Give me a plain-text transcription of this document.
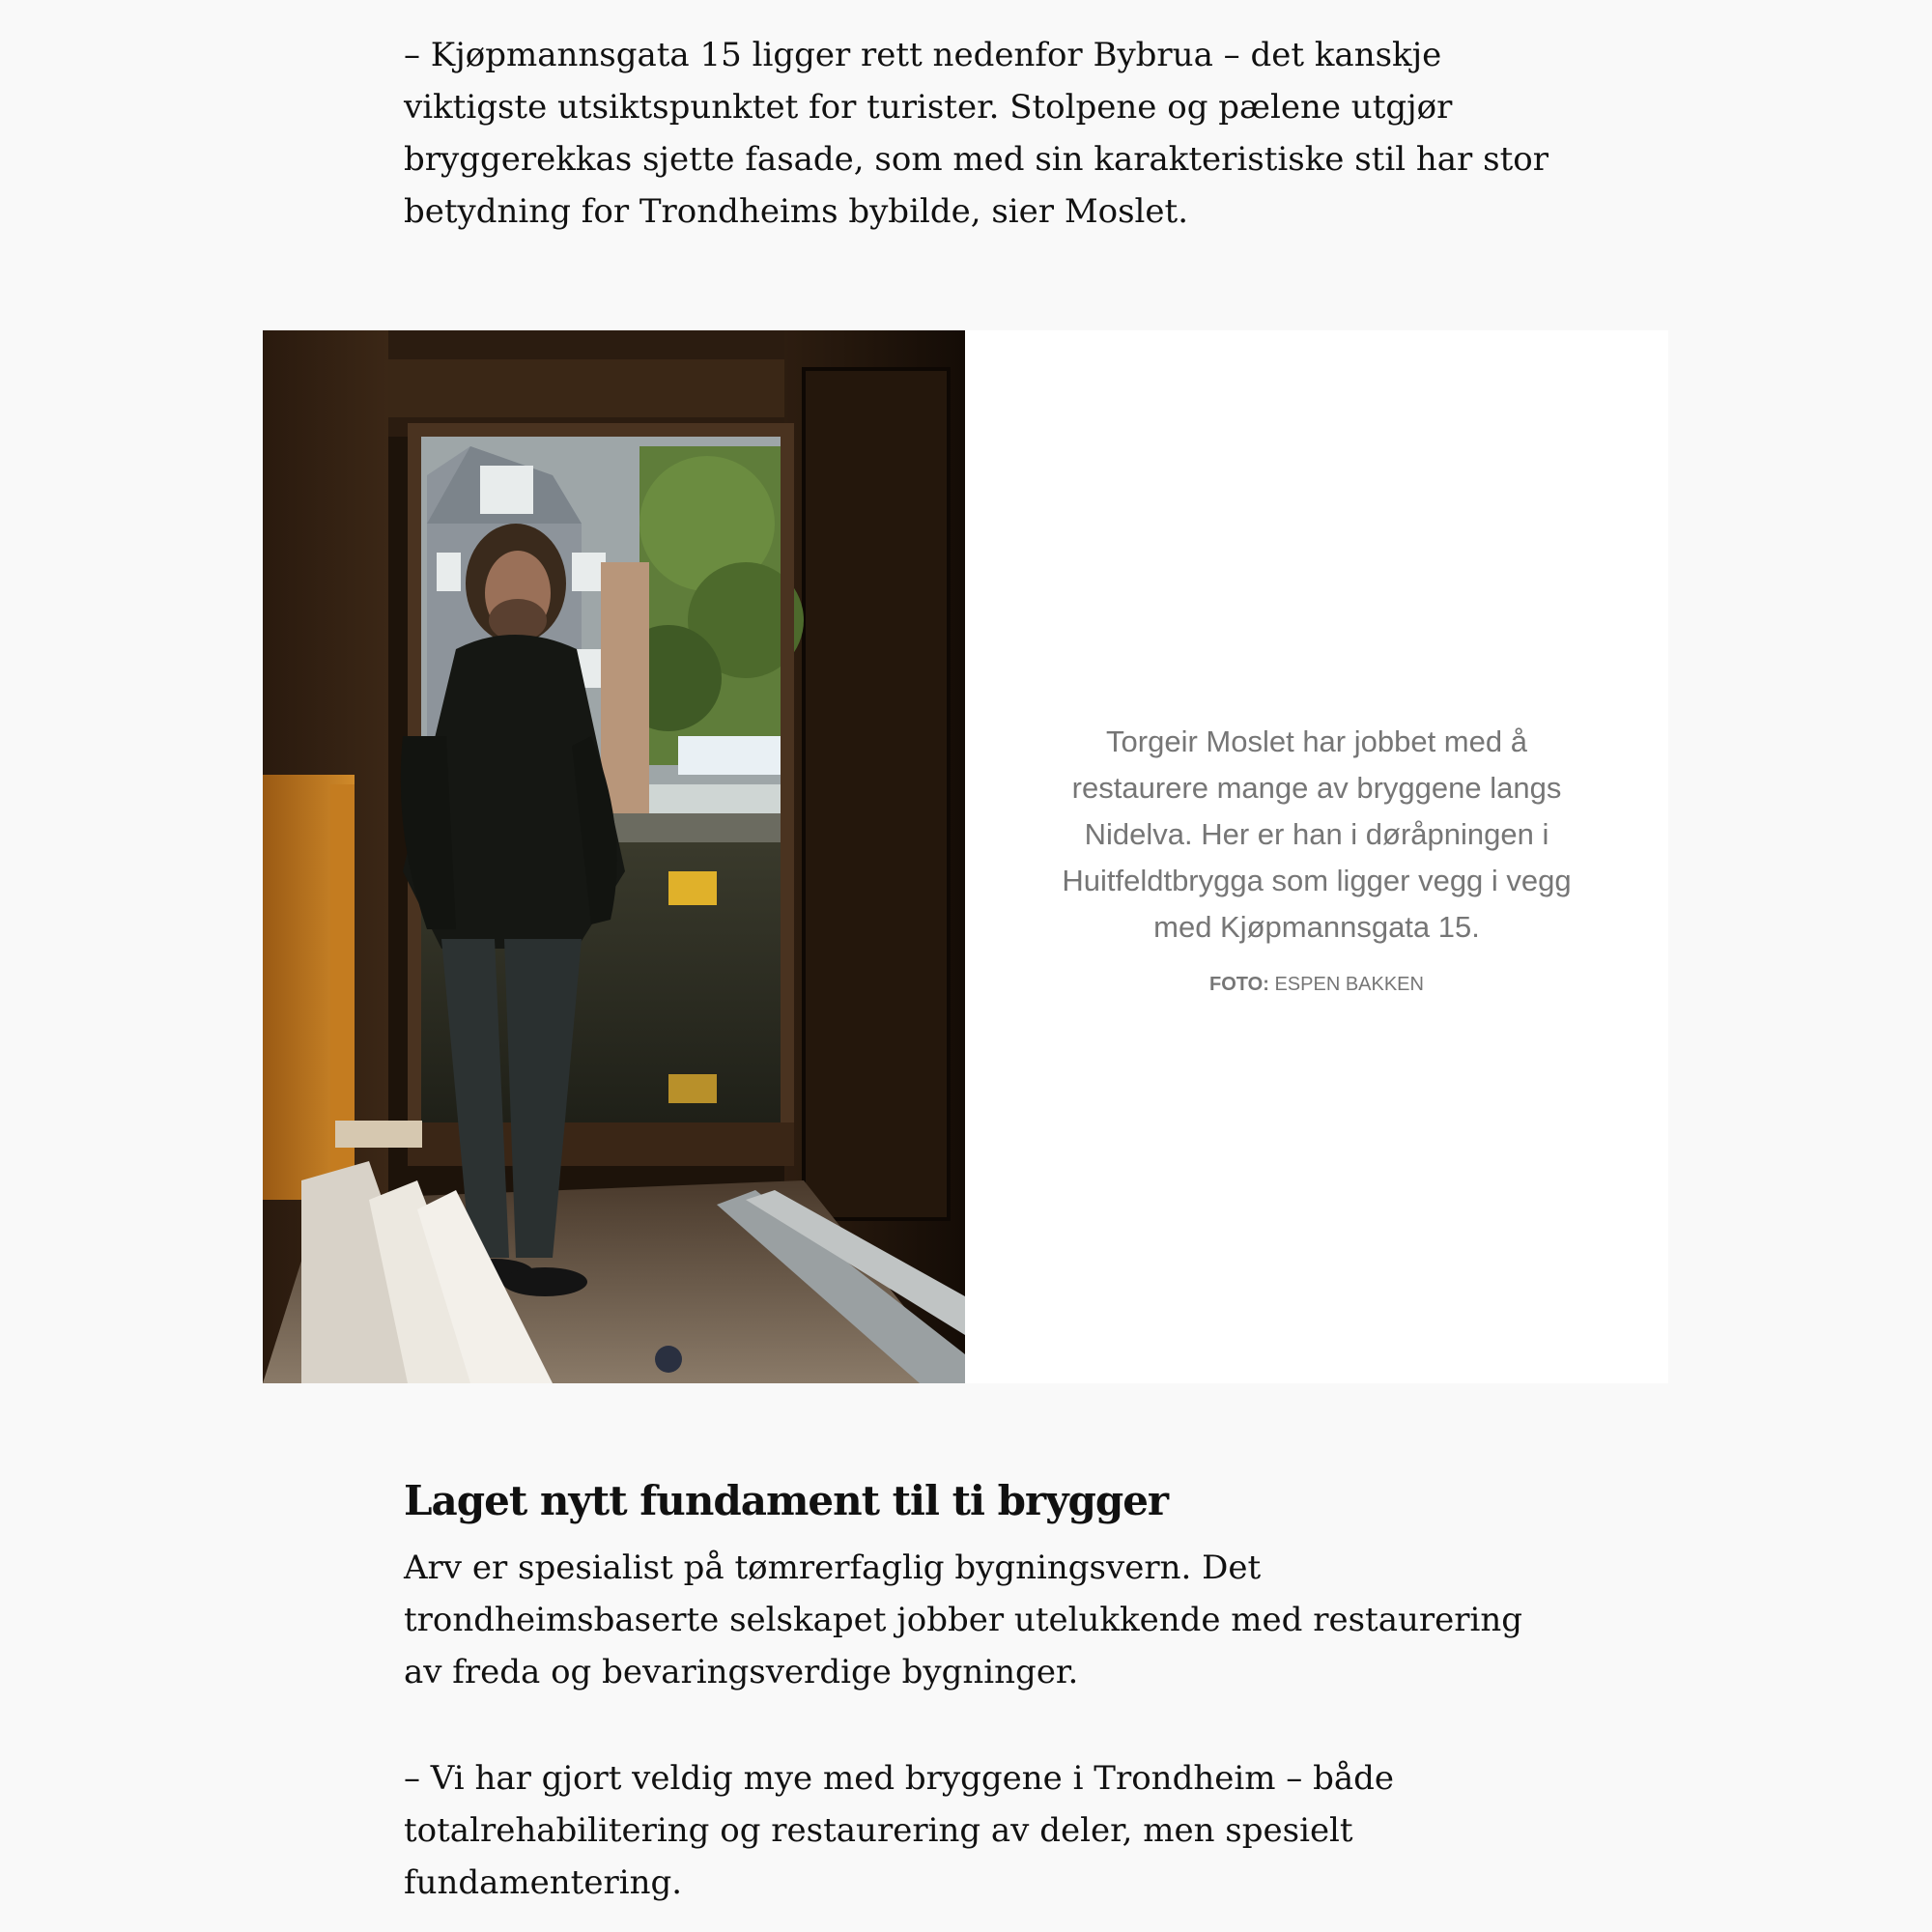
– Kjøpmannsgata 15 ligger rett nedenfor Bybrua – det kanskje viktigste utsiktspunktet for turister. Stolpene og pælene utgjør bryggerekkas sjette fasade, som med sin karakteristiske stil har stor betydning for Trondheims bybilde, sier Moslet.

Torgeir Moslet har jobbet med å restaurere mange av bryggene langs Nidelva. Her er han i døråpningen i Huitfeldtbrygga som ligger vegg i vegg med Kjøpmannsgata 15.

FOTO: ESPEN BAKKEN
Laget nytt fundament til ti brygger

Arv er spesialist på tømrerfaglig bygningsvern. Det trondheimsbaserte selskapet jobber utelukkende med restaurering av freda og bevaringsverdige bygninger.

– Vi har gjort veldig mye med bryggene i Trondheim – både totalrehabilitering og restaurering av deler, men spesielt fundamentering.
